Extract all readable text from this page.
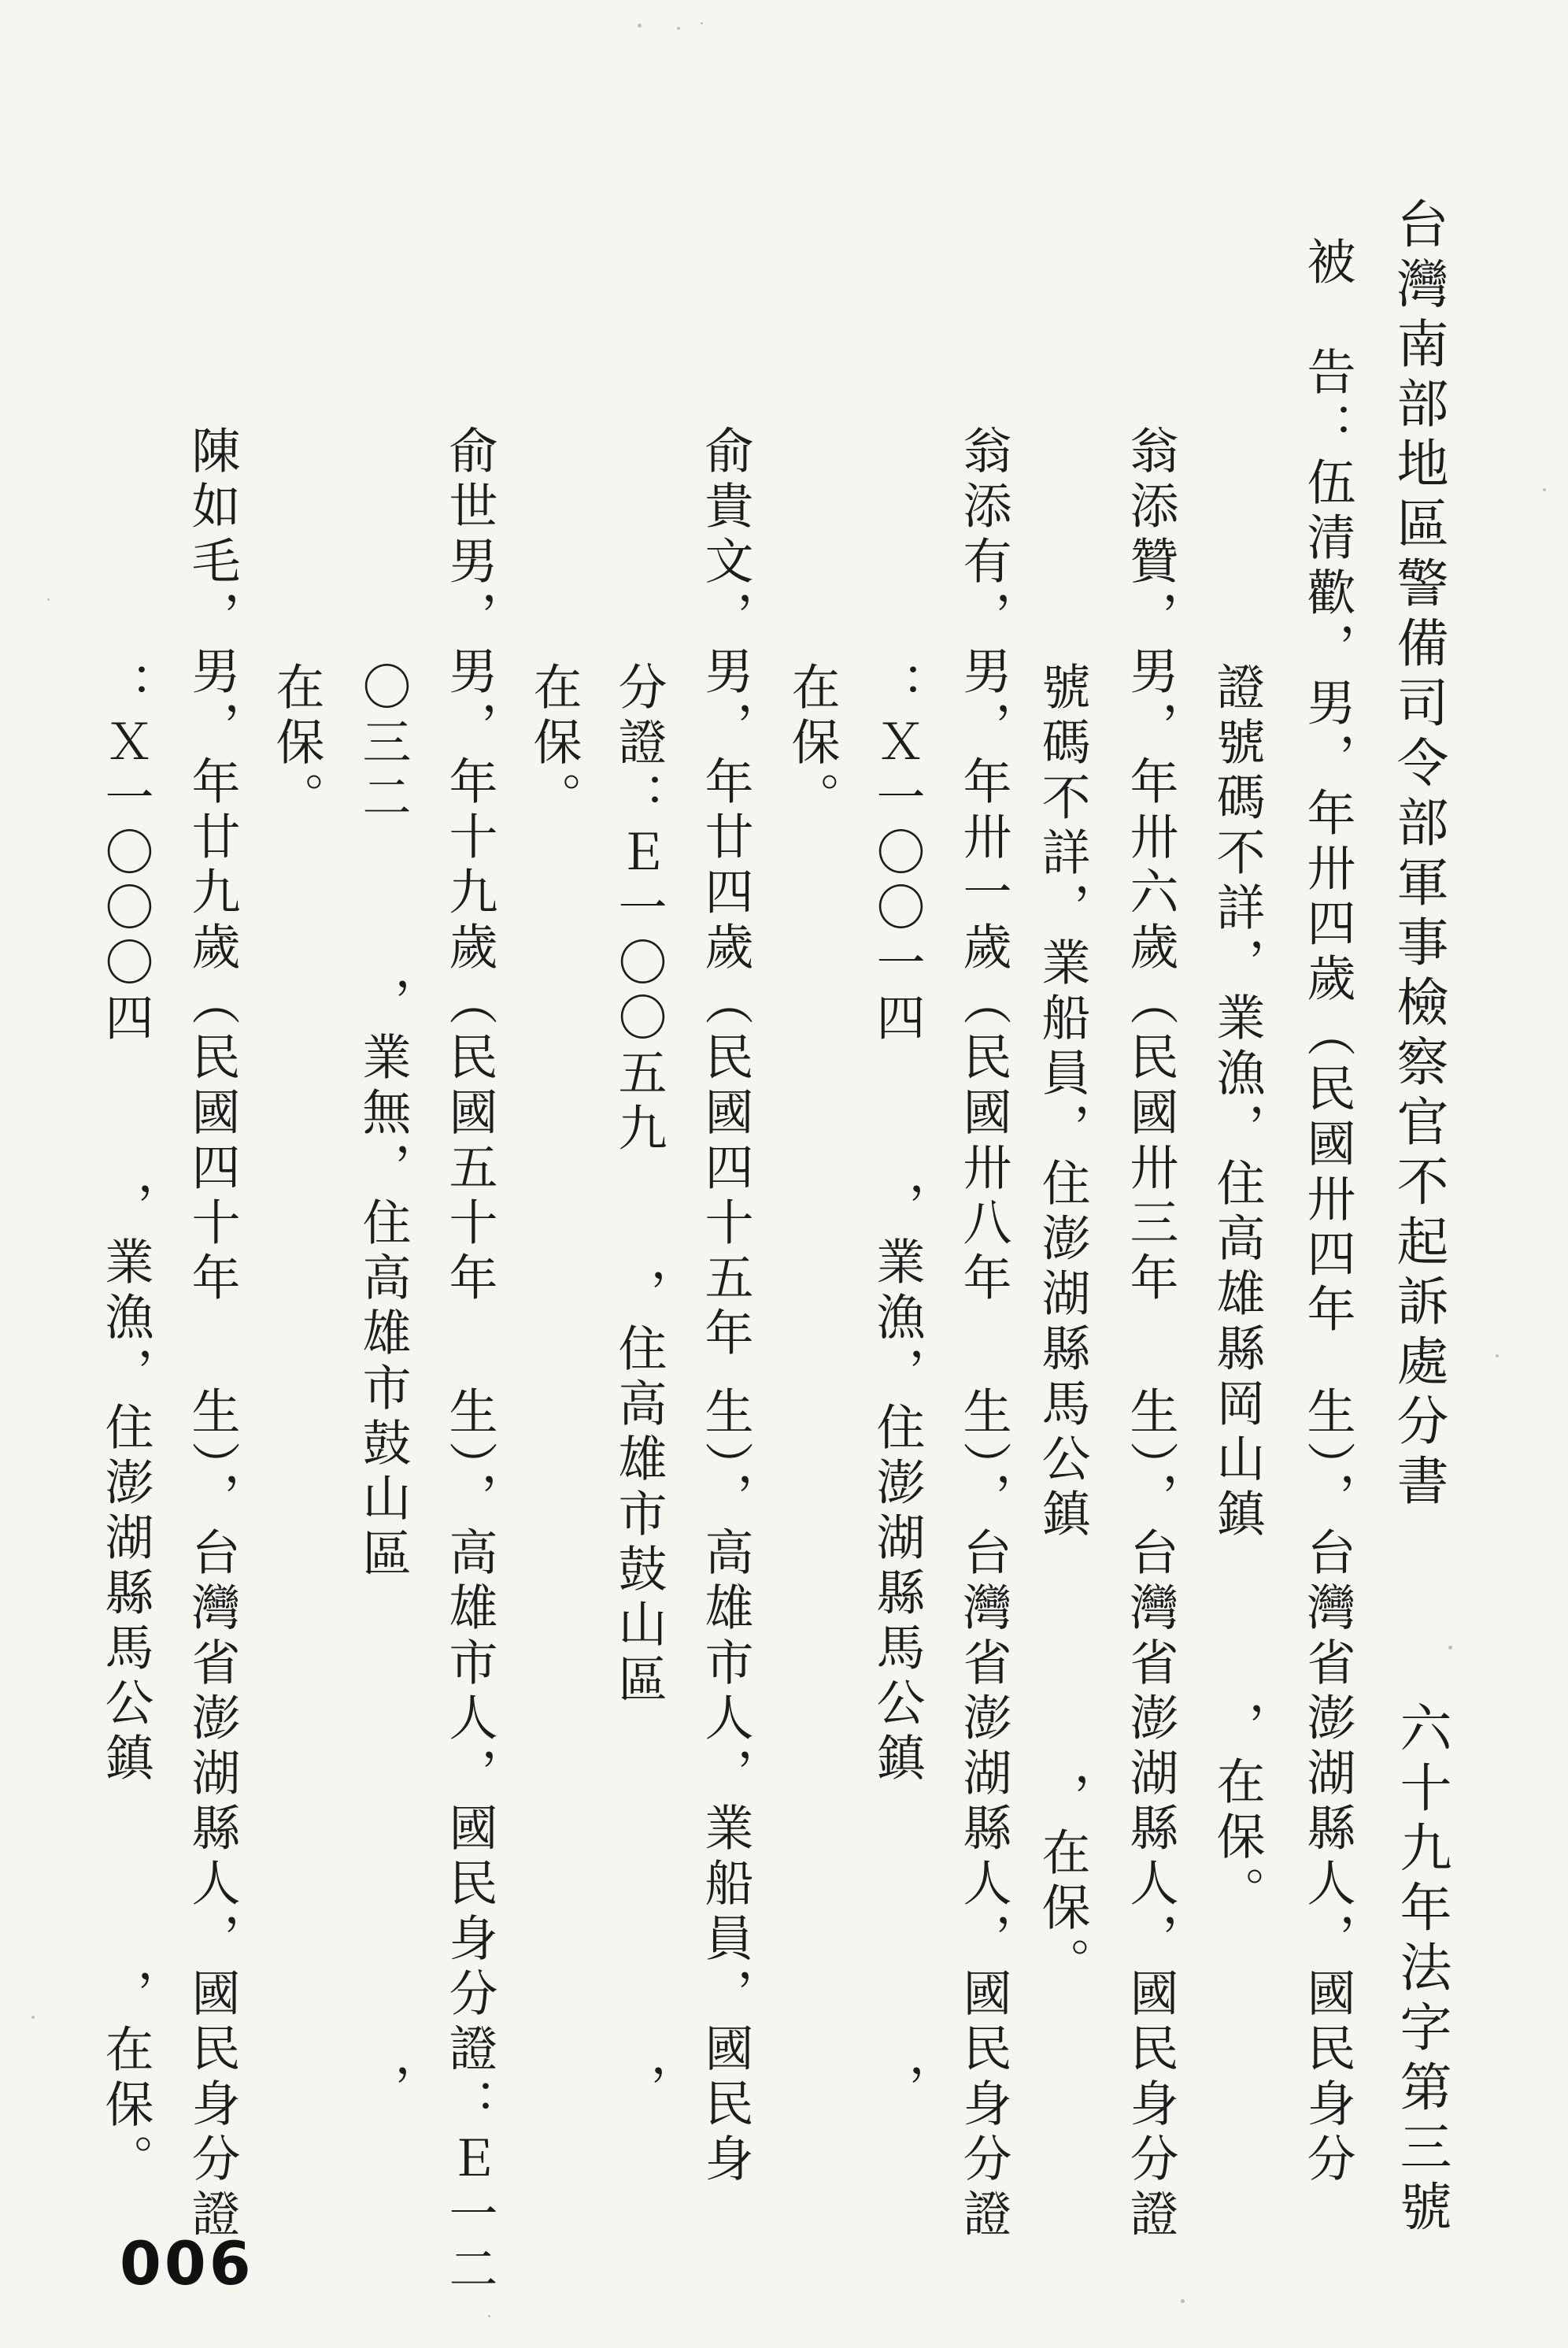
台灣南部地區警備司令部軍事檢察官不起訴處分書
六十九年法字第三號
被　告：伍清歡，男，年卅四歲（民國卅四年
生），台灣省澎湖縣人，國民身分
　證號碼不詳，業漁，住高雄縣岡山鎮
，在保。
翁添贊，男，年卅六歲（民國卅三年
生），台灣省澎湖縣人，國民身分證
　號碼不詳，業船員，住澎湖縣馬公鎮
，在保。
翁添有，男，年卅一歲（民國卅八年
生），台灣省澎湖縣人，國民身分證
　：Ｘ一〇〇一四
，業漁，住澎湖縣馬公鎮
，
　在保。
俞貴文，男，年廿四歲（民國四十五年
生），高雄市人，業船員，國民身
　分證：Ｅ一〇〇五九
，住高雄市鼓山區
，
　在保。
俞世男，男，年十九歲（民國五十年
生），高雄市人，國民身分證：Ｅ一二
　〇三二
，業無，住高雄市鼓山區
，
　在保。
陳如毛，男，年廿九歲（民國四十年
生），台灣省澎湖縣人，國民身分證
　：Ｘ一〇〇〇四
，業漁，住澎湖縣馬公鎮
，在保。
006
